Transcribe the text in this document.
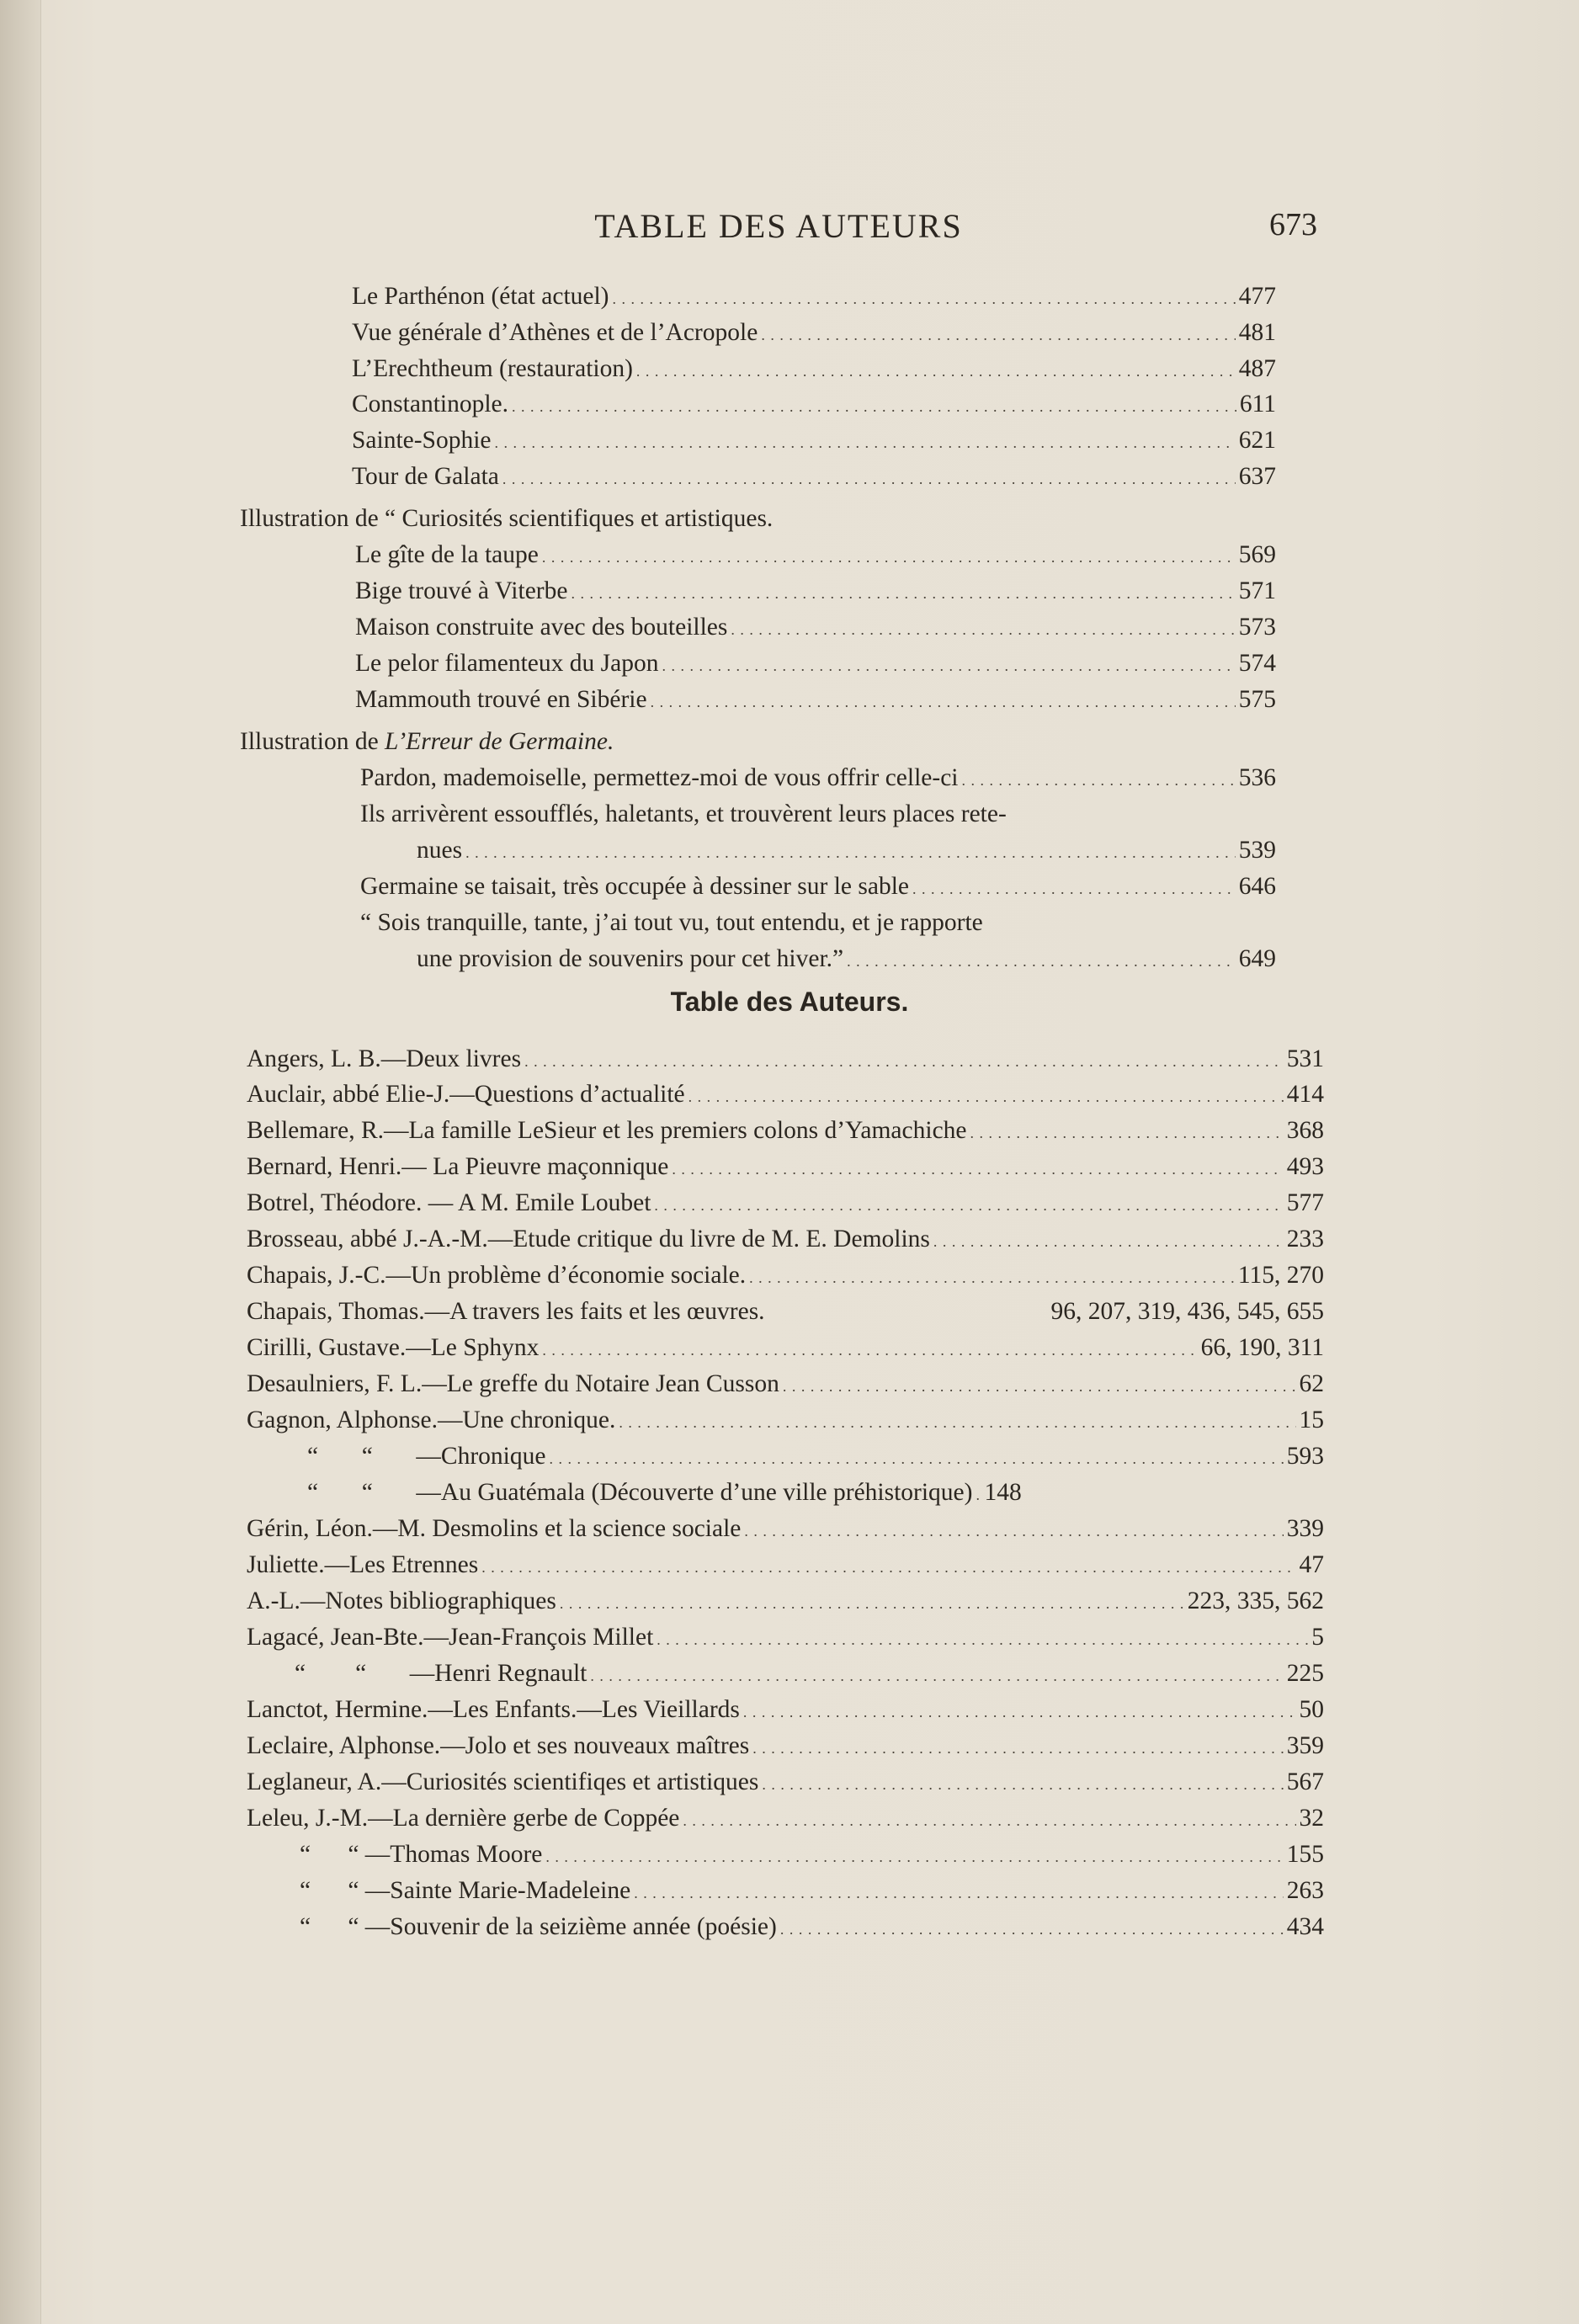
TABLE DES AUTEURS	673
Le Parthénon (état actuel) . . .	477
Vue générale d’Athènes et de l’Acropole . . .	481
L’Erechtheum (restauration) . . .	487
Constantinople. . . .	611
Sainte-Sophie . . .	621
Tour de Galata . . .	637
Illustration de “ Curiosités scientifiques et artistiques.
Le gîte de la taupe . . .	569
Bige trouvé à Viterbe . . .	571
Maison construite avec des bouteilles . . .	573
Le pelor filamenteux du Japon . . .	574
Mammouth trouvé en Sibérie . . .	575
Illustration de L’Erreur de Germaine.
Pardon, mademoiselle, permettez-moi de vous offrir celle-ci . . .	536
Ils arrivèrent essoufflés, haletants, et trouvèrent leurs places rete-
nues . . .	539
Germaine se taisait, très occupée à dessiner sur le sable . . .	646
“ Sois tranquille, tante, j’ai tout vu, tout entendu, et je rapporte
une provision de souvenirs pour cet hiver.” . . .	649
Table des Auteurs.
Angers, L. B.—Deux livres . . .	531
Auclair, abbé Elie-J.—Questions d’actualité . . .	414
Bellemare, R.—La famille LeSieur et les premiers colons d’Yamachiche . . .	368
Bernard, Henri.— La Pieuvre maçonnique . . .	493
Botrel, Théodore. — A M. Emile Loubet . . .	577
Brosseau, abbé J.-A.-M.—Etude critique du livre de M. E. Demolins . . .	233
Chapais, J.-C.—Un problème d’économie sociale. . . .	115, 270
Chapais, Thomas.—A travers les faits et les œuvres.	96, 207, 319, 436, 545, 655
Cirilli, Gustave.—Le Sphynx . . .	66, 190, 311
Desaulniers, F. L.—Le greffe du Notaire Jean Cusson . . .	62
Gagnon, Alphonse.—Une chronique. . . .	15
“       “       —Chronique . . .	593
“       “       —Au Guatémala (Découverte d’une ville préhistorique) . . . 148
Gérin, Léon.—M. Desmolins et la science sociale . . .	339
Juliette.—Les Etrennes . . .	47
A.-L.—Notes bibliographiques . . .	223, 335, 562
Lagacé, Jean-Bte.—Jean-François Millet . . .	5
“        “       —Henri Regnault . . .	225
Lanctot, Hermine.—Les Enfants.—Les Vieillards . . .	50
Leclaire, Alphonse.—Jolo et ses nouveaux maîtres . . .	359
Leglaneur, A.—Curiosités scientifiqes et artistiques . . .	567
Leleu, J.-M.—La dernière gerbe de Coppée . . .	32
“      “ —Thomas Moore . . .	155
“      “ —Sainte Marie-Madeleine . . .	263
“      “ —Souvenir de la seizième année (poésie) . . .	434
